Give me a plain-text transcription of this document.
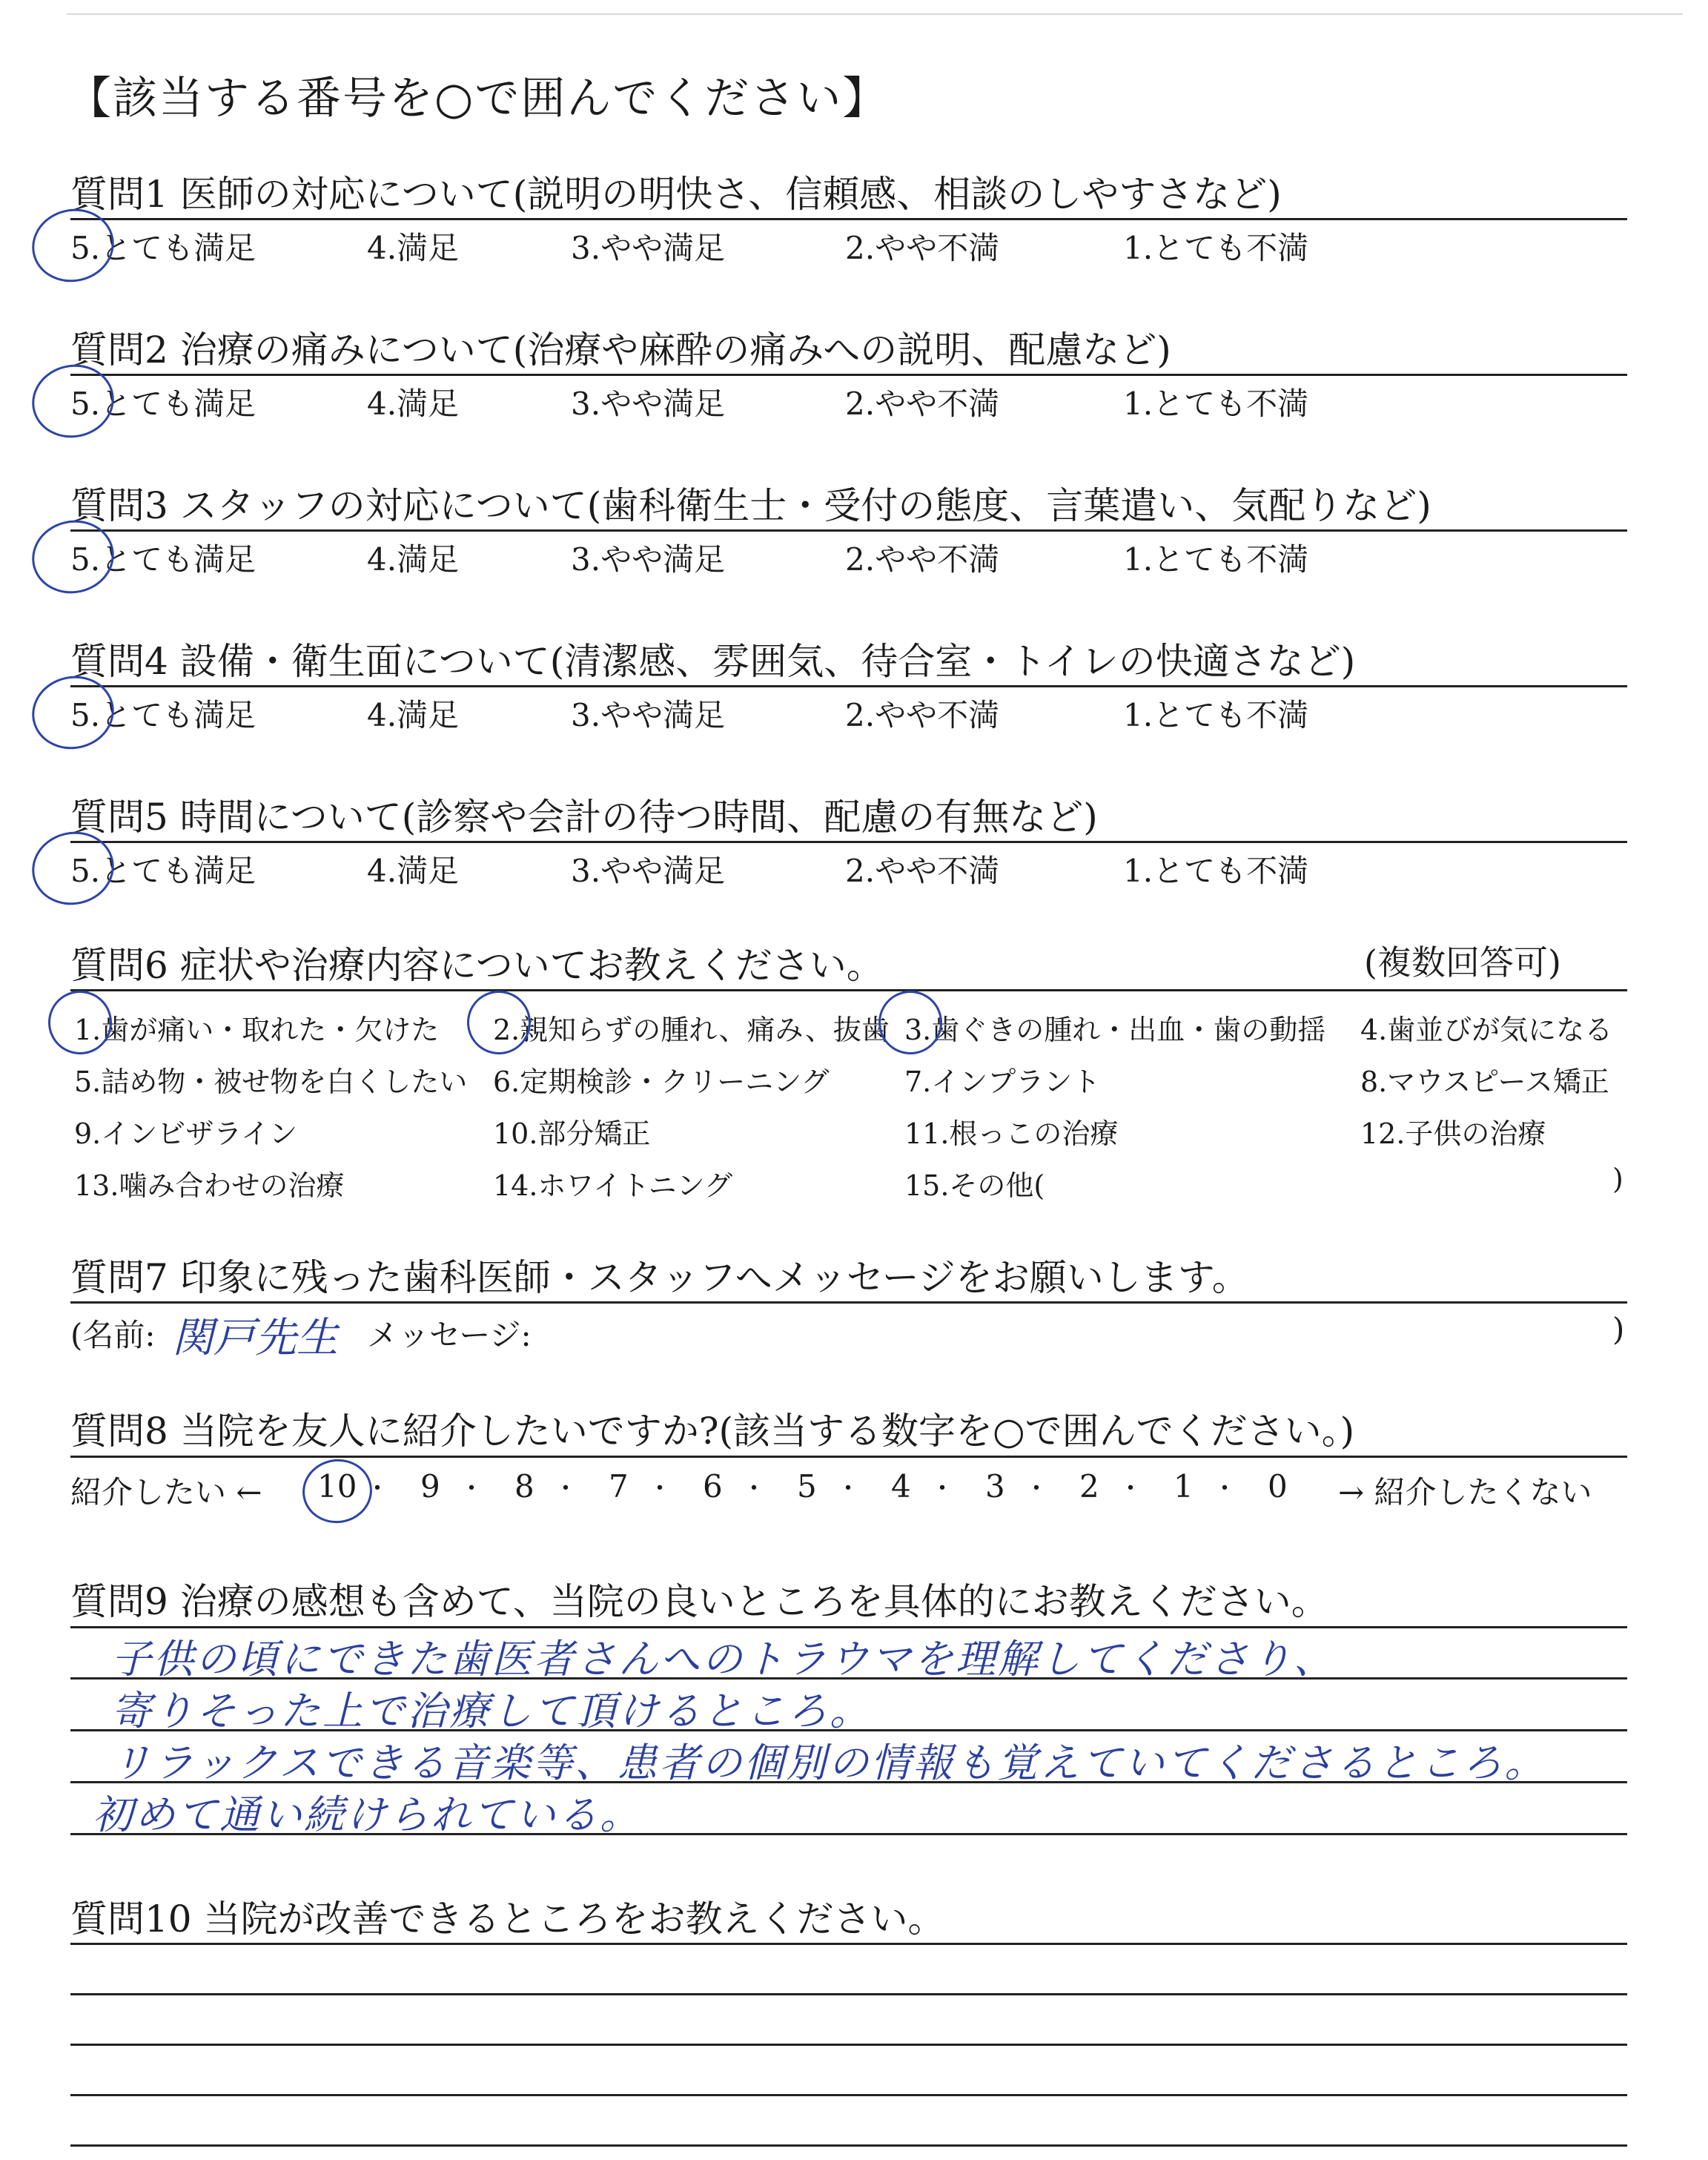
【該当する番号を○で囲んでください】
質問1 医師の対応について(説明の明快さ、信頼感、相談のしやすさなど)
5.とても満足	4.満足	3.やや満足	2.やや不満	1.とても不満
質問2 治療の痛みについて(治療や麻酔の痛みへの説明、配慮など)
5.とても満足	4.満足	3.やや満足	2.やや不満	1.とても不満
質問3 スタッフの対応について(歯科衛生士・受付の態度、言葉遣い、気配りなど)
5.とても満足	4.満足	3.やや満足	2.やや不満	1.とても不満
質問4 設備・衛生面について(清潔感、雰囲気、待合室・トイレの快適さなど)
5.とても満足	4.満足	3.やや満足	2.やや不満	1.とても不満
質問5 時間について(診察や会計の待つ時間、配慮の有無など)
5.とても満足	4.満足	3.やや満足	2.やや不満	1.とても不満
質問6 症状や治療内容についてお教えください。	(複数回答可)
1.歯が痛い・取れた・欠けた 2.親知らずの腫れ、痛み、抜歯 3.歯ぐきの腫れ・出血・歯の動揺 4.歯並びが気になる
5.詰め物・被せ物を白くしたい 6.定期検診・クリーニング	7.インプラント	8.マウスピース矯正
9.インビザライン	10.部分矯正	11.根っこの治療	12.子供の治療
13.噛み合わせの治療	14.ホワイトニング	15.その他(	)
質問7 印象に残った歯科医師・スタッフへメッセージをお願いします。
(名前: 関戸先生 メッセージ:	)
質問8 当院を友人に紹介したいですか?(該当する数字を○で囲んでください。)
紹介したい ← 10 ・ 9 ・ 8 ・ 7 ・ 6 ・ 5 ・ 4 ・ 3 ・ 2 ・ 1 ・ 0 → 紹介したくない
質問9 治療の感想も含めて、当院の良いところを具体的にお教えください。
子供の頃にできた歯医者さんへのトラウマを理解してくださり、
寄りそった上で治療して頂けるところ。
リラックスできる音楽等、患者の個別の情報も覚えていてくださるところ。
初めて通い続けられている。
質問10 当院が改善できるところをお教えください。
